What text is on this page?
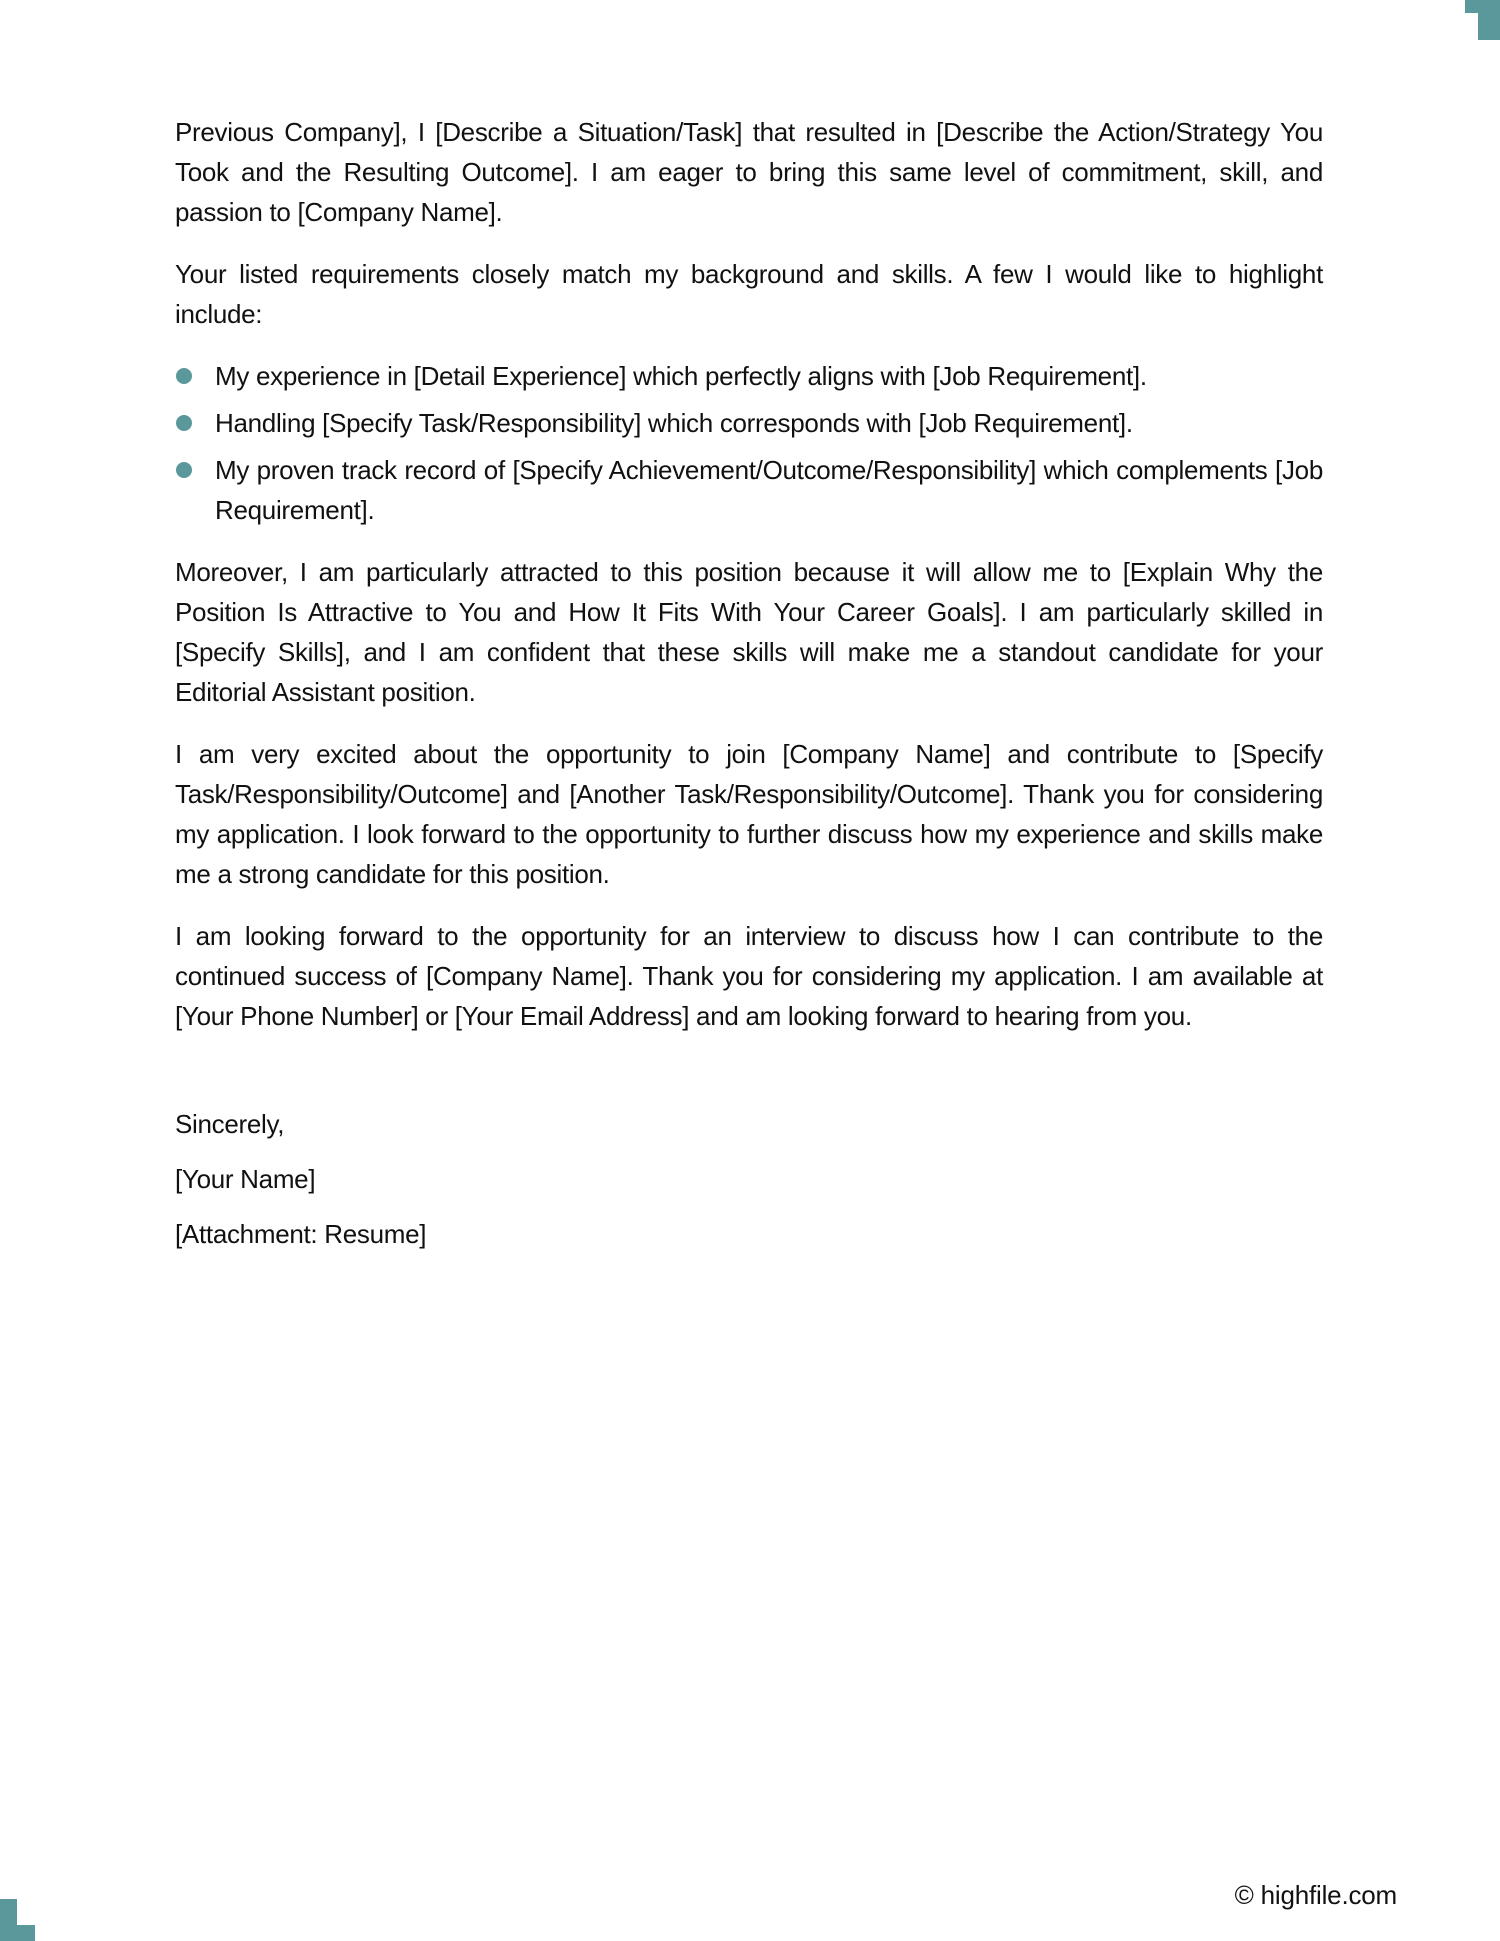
Previous Company], I [Describe a Situation/Task] that resulted in [Describe the Action/Strategy You Took and the Resulting Outcome]. I am eager to bring this same level of commitment, skill, and passion to [Company Name].

Your listed requirements closely match my background and skills. A few I would like to highlight include:

My experience in [Detail Experience] which perfectly aligns with [Job Requirement].
Handling [Specify Task/Responsibility] which corresponds with [Job Requirement].
My proven track record of [Specify Achievement/Outcome/Responsibility] which complements [Job Requirement].

Moreover, I am particularly attracted to this position because it will allow me to [Explain Why the Position Is Attractive to You and How It Fits With Your Career Goals]. I am particularly skilled in [Specify Skills], and I am confident that these skills will make me a standout candidate for your Editorial Assistant position.

I am very excited about the opportunity to join [Company Name] and contribute to [Specify Task/Responsibility/Outcome] and [Another Task/Responsibility/Outcome]. Thank you for considering my application. I look forward to the opportunity to further discuss how my experience and skills make me a strong candidate for this position.

I am looking forward to the opportunity for an interview to discuss how I can contribute to the continued success of [Company Name]. Thank you for considering my application. I am available at [Your Phone Number] or [Your Email Address] and am looking forward to hearing from you.

Sincerely,

[Your Name]

[Attachment: Resume]

© highfile.com
